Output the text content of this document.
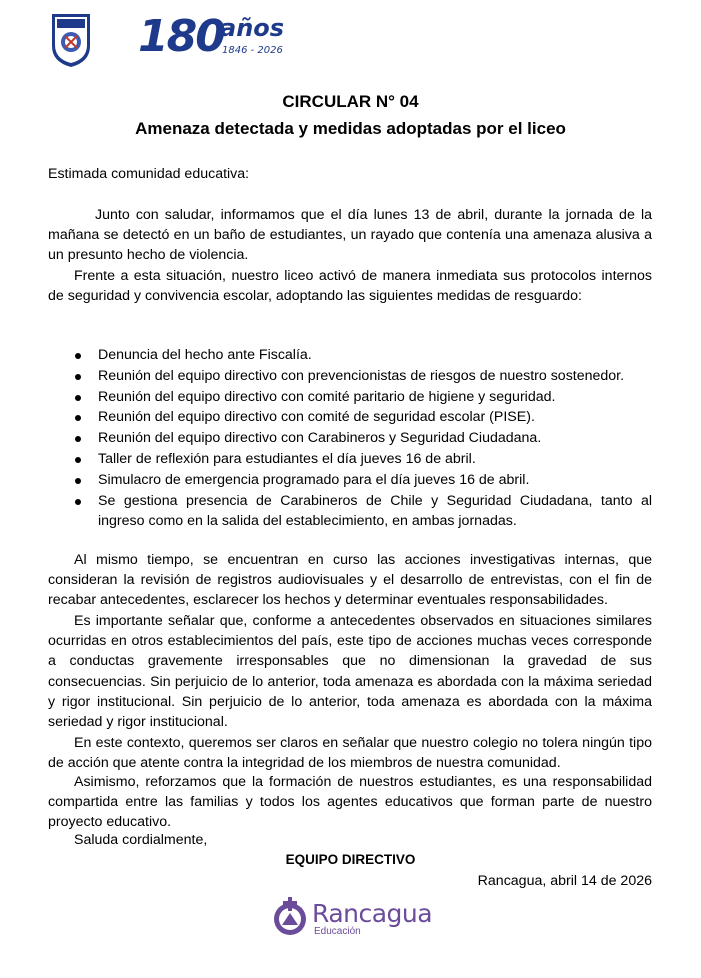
180
años
1846 - 2026
CIRCULAR N° 04
Amenaza detectada y medidas adoptadas por el liceo
Estimada comunidad educativa:
Junto con saludar, informamos que el día lunes 13 de abril, durante la jornada de la mañana se detectó en un baño de estudiantes, un rayado que contenía una amenaza alusiva a un presunto hecho de violencia.
Frente a esta situación, nuestro liceo activó de manera inmediata sus protocolos internos de seguridad y convivencia escolar, adoptando las siguientes medidas de resguardo:
Denuncia del hecho ante Fiscalía.
Reunión del equipo directivo con prevencionistas de riesgos de nuestro sostenedor.
Reunión del equipo directivo con comité paritario de higiene y seguridad.
Reunión del equipo directivo con comité de seguridad escolar (PISE).
Reunión del equipo directivo con Carabineros y Seguridad Ciudadana.
Taller de reflexión para estudiantes el día jueves 16 de abril.
Simulacro de emergencia programado para el día jueves 16 de abril.
Se gestiona presencia de Carabineros de Chile y Seguridad Ciudadana, tanto al ingreso como en la salida del establecimiento, en ambas jornadas.
Al mismo tiempo, se encuentran en curso las acciones investigativas internas, que consideran la revisión de registros audiovisuales y el desarrollo de entrevistas, con el fin de recabar antecedentes, esclarecer los hechos y determinar eventuales responsabilidades.
Es importante señalar que, conforme a antecedentes observados en situaciones similares ocurridas en otros establecimientos del país, este tipo de acciones muchas veces corresponde a conductas gravemente irresponsables que no dimensionan la gravedad de sus consecuencias. Sin perjuicio de lo anterior, toda amenaza es abordada con la máxima seriedad y rigor institucional. Sin perjuicio de lo anterior, toda amenaza es abordada con la máxima seriedad y rigor institucional.
En este contexto, queremos ser claros en señalar que nuestro colegio no tolera ningún tipo de acción que atente contra la integridad de los miembros de nuestra comunidad.
Asimismo, reforzamos que la formación de nuestros estudiantes, es una responsabilidad compartida entre las familias y todos los agentes educativos que forman parte de nuestro proyecto educativo.
Saluda cordialmente,
EQUIPO DIRECTIVO
Rancagua, abril 14 de 2026
Rancagua
Educación
